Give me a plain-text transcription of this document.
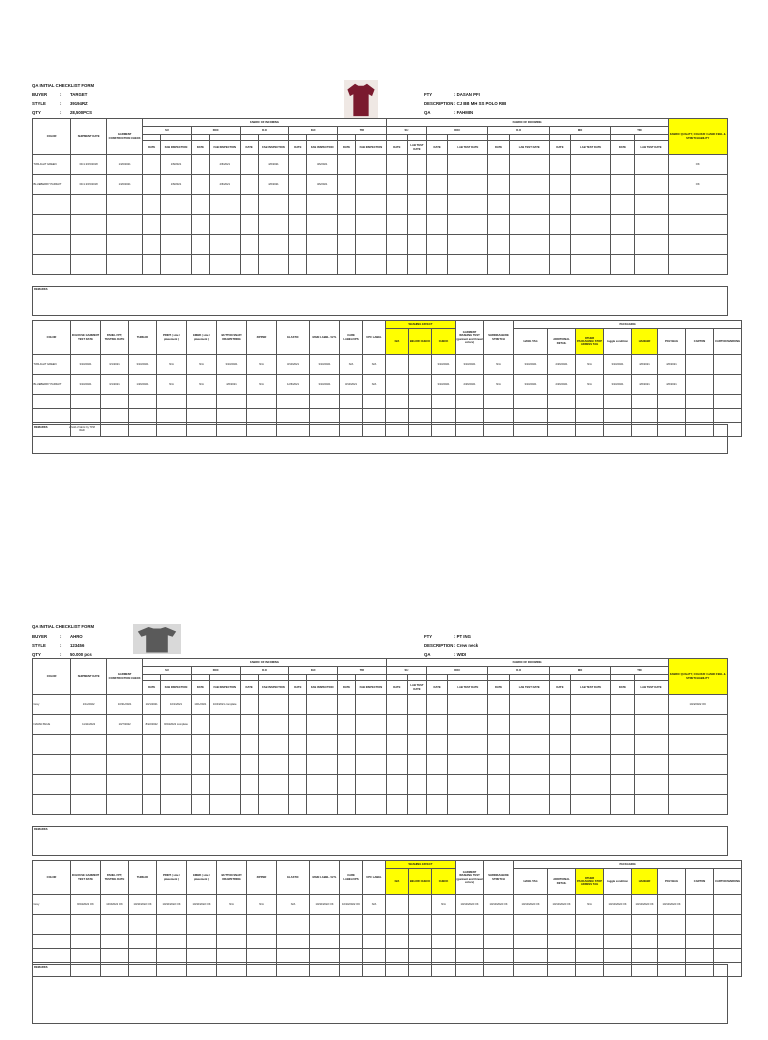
QA INITIAL CHECKLIST FORM
BUYER	: TARGET
STYLE	: 39194RZ
QTY	: 28,500PCS
FTY	: DASAN PFI
DESCRIPTION: CJ BB MH SS POLO RIB
QA	: FAHMIN
COLOR	SHIPMENT DATE	GARMENT CONSTRUCTION CHECK	FABRIC OF INCOMING										FABRIC OF INCOMING										FABRIC QUALITY, COLOUR / HAND FEEL & STRETCHABILITY
			SU		DOC		D.O		D.D		TRI		SU		DOC		D.O		MO		TRI		

			DATE	FAB INSPECTION	DATE	FAB INSPECTION	DATE	FAB INSPECTION	DATE	FAB INSPECTION	DATE	FAB INSPECTION	DATE	LAB TEST DATE	DATE	LAB TEST DATE	DATE	LAB TEST DATE	DATE	LAB TEST DATE	DATE	LAB TEST DATE	
TWILIGHT GREEN	DC1:2/15/2018	1/26/2021		1/8/2021		4/6/2021		4/6/2021		4/6/2021													OK
BLUEBERRY PARFAIT	DC1:2/15/2018	1/26/2021		1/8/2021		4/6/2021		4/6/2021		4/6/2021													OK

REMARKS
COLOR	IN HOUSE GARMENT TEST DATE	PANEL FPT, TESTING DATE	THREAD	PRINT ( size / placement )	EMBR ( size / placement )	BUTTON SNAP/ DRAWSTRING	ZIPPER	ELASTIC	MAIN LABEL / HTL	CARE LABEL/UPS	UPC LABEL	WASHING EFFECT			GARMENT WASHING TEST (garment and thread colors)	SHRINKAGE/DE STRETCH	PACKAGING							
												N/A	BELOW CHECK	CHECK			HANG TAG	ADDITIONAL DETAIL	OTHER PACKAGING/ STOP ADRESS TAG	toggle condition	HANGER	POLYBAG	CARTON	CARTON MARKING
TWILIGHT GREEN	3/10/2021	3/1/2021	3/10/2021	N/A	N/A	3/10/2021	N/A	3/10/2021	3/10/2021	N/A	N/A			3/10/2021	3/10/2021	N/A	3/10/2021	2/26/2021	N/A	3/10/2021	4/6/2021	4/6/2021		
BLUEBERRY PARFAIT	3/10/2021	3/1/2021	1/26/2021	N/A	N/A	4/6/2021	N/A	1/26/2021	3/10/2021	3/10/2021	N/A			3/10/2021	2/26/2021	N/A	3/10/2021	2/26/2021	N/A	3/10/2021	4/6/2021	4/6/2021		

REMARKS	2 hold of fabric by TPM R&D
QA INITIAL CHECKLIST FORM
BUYER	: AHRO
STYLE	: 123456
QTY	: 50.000 pcs
FTY	: PT ING
DESCRIPTION: Crew neck
QA	: WIDI
COLOR	SHIPMENT DATE	GARMENT CONSTRUCTION CHECK	FABRIC OF INCOMING										FABRIC OF INCOMING										FABRIC QUALITY, COLOUR / HAND FEEL & STRETCHABILITY
			SU		DOC		D.O		D.D		TRI		SU		DOC		D.O		MO		TRI		

			DATE	FAB INSPECTION	DATE	FAB INSPECTION	DATE	FAB INSPECTION	DATE	FAB INSPECTION	DATE	FAB INSPECTION	DATE	LAB TEST DATE	DATE	LAB TEST DATE	DATE	LAB TEST DATE	DATE	LAB TEST DATE	DATE	LAB TEST DATE	
Grey	1/11/2022	10/31/2021	10/1/2021	10/1/2021	10/1/2021	10/4/2021 complete																	10/4/2022 OK
NAVAN BLUE	11/11/2022	10/7/2022	8/22/2022	8/24/2022 complete																			

REMARKS
COLOR	IN HOUSE GARMENT TEST DATE	PANEL FPT, TESTING DATE	THREAD	PRINT ( size / placement )	EMBR ( size / placement )	BUTTON SNAP/ DRAWSTRING	ZIPPER	ELASTIC	MAIN LABEL / HTL	CARE LABEL/UPS	UPC LABEL	WASHING EFFECT			GARMENT WASHING TEST (garment and thread colors)	SHRINKAGE/DE STRETCH	PACKAGING							
												N/A	BELOW CHECK	CHECK			HANG TAG	ADDITIONAL DETAIL	OTHER PACKAGING/ STOP ADRESS TAG	toggle condition	HANGER	POLYBAG	CARTON	CARTON MARKING
Grey	8/24/2022 OK	10/3/2022 OK	10/10/2022 OK	10/10/2022 OK	10/10/2022 OK	N/A	N/A	N/A	10/10/2022 OK	10/10/2022 OK	N/A			N/A	10/10/2022 OK	10/10/2022 OK	10/10/2022 OK	10/10/2022 OK	N/A	10/10/2022 OK	10/10/2022 OK	10/10/2022 OK		

REMARKS
